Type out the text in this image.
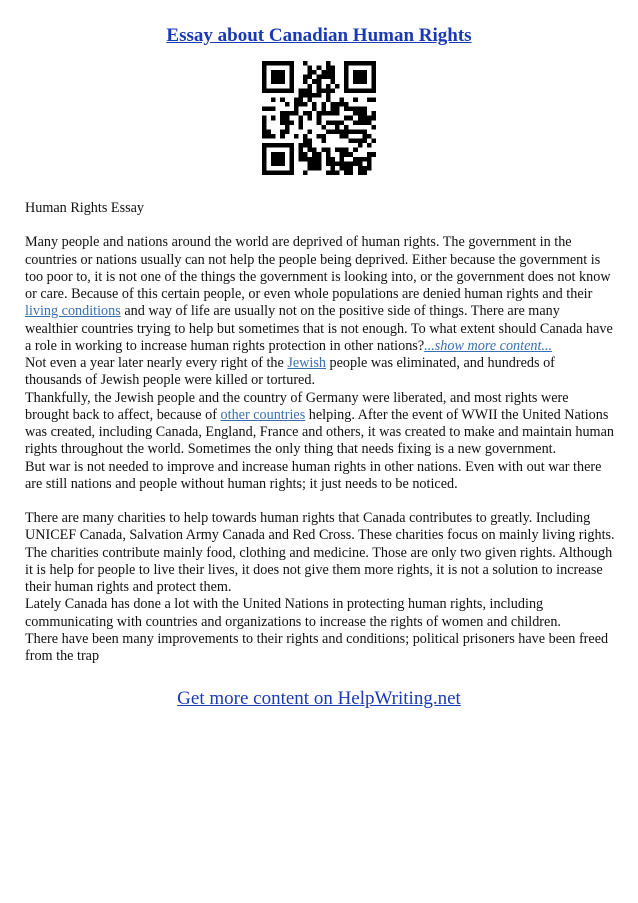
Essay about Canadian Human Rights

Human Rights Essay

Many people and nations around the world are deprived of human rights. The government in the countries or nations usually can not help the people being deprived. Either because the government is too poor to, it is not one of the things the government is looking into, or the government does not know or care. Because of this certain people, or even whole populations are denied human rights and their living conditions and way of life are usually not on the positive side of things. There are many wealthier countries trying to help but sometimes that is not enough. To what extent should Canada have a role in working to increase human rights protection in other nations?...show more content...

Not even a year later nearly every right of the Jewish people was eliminated, and hundreds of thousands of Jewish people were killed or tortured.

Thankfully, the Jewish people and the country of Germany were liberated, and most rights were brought back to affect, because of other countries helping. After the event of WWII the United Nations was created, including Canada, England, France and others, it was created to make and maintain human rights throughout the world. Sometimes the only thing that needs fixing is a new government.

But war is not needed to improve and increase human rights in other nations. Even with out war there are still nations and people without human rights; it just needs to be noticed.

There are many charities to help towards human rights that Canada contributes to greatly. Including UNICEF Canada, Salvation Army Canada and Red Cross. These charities focus on mainly living rights. The charities contribute mainly food, clothing and medicine. Those are only two given rights. Although it is help for people to live their lives, it does not give them more rights, it is not a solution to increase their human rights and protect them.

Lately Canada has done a lot with the United Nations in protecting human rights, including communicating with countries and organizations to increase the rights of women and children.

There have been many improvements to their rights and conditions; political prisoners have been freed from the trap

Get more content on HelpWriting.net
